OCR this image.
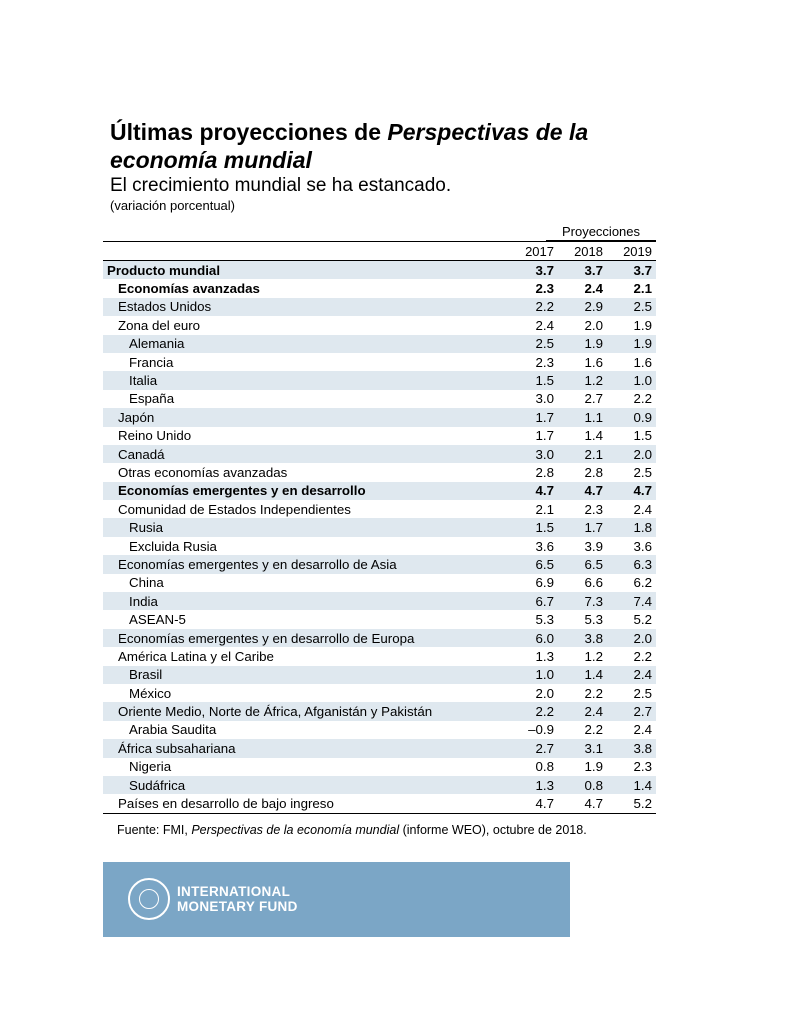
Últimas proyecciones de Perspectivas de la economía mundial
El crecimiento mundial se ha estancado.
(variación porcentual)
Proyecciones
2017	2018	2019
Producto mundial	3.7	3.7	3.7
Economías avanzadas	2.3	2.4	2.1
Estados Unidos	2.2	2.9	2.5
Zona del euro	2.4	2.0	1.9
Alemania	2.5	1.9	1.9
Francia	2.3	1.6	1.6
Italia	1.5	1.2	1.0
España	3.0	2.7	2.2
Japón	1.7	1.1	0.9
Reino Unido	1.7	1.4	1.5
Canadá	3.0	2.1	2.0
Otras economías avanzadas	2.8	2.8	2.5
Economías emergentes y en desarrollo	4.7	4.7	4.7
Comunidad de Estados Independientes	2.1	2.3	2.4
Rusia	1.5	1.7	1.8
Excluida Rusia	3.6	3.9	3.6
Economías emergentes y en desarrollo de Asia	6.5	6.5	6.3
China	6.9	6.6	6.2
India	6.7	7.3	7.4
ASEAN-5	5.3	5.3	5.2
Economías emergentes y en desarrollo de Europa	6.0	3.8	2.0
América Latina y el Caribe	1.3	1.2	2.2
Brasil	1.0	1.4	2.4
México	2.0	2.2	2.5
Oriente Medio, Norte de África, Afganistán y Pakistán	2.2	2.4	2.7
Arabia Saudita	–0.9	2.2	2.4
África subsahariana	2.7	3.1	3.8
Nigeria	0.8	1.9	2.3
Sudáfrica	1.3	0.8	1.4
Países en desarrollo de bajo ingreso	4.7	4.7	5.2
Fuente: FMI, Perspectivas de la economía mundial (informe WEO), octubre de 2018.
INTERNATIONAL
MONETARY FUND
